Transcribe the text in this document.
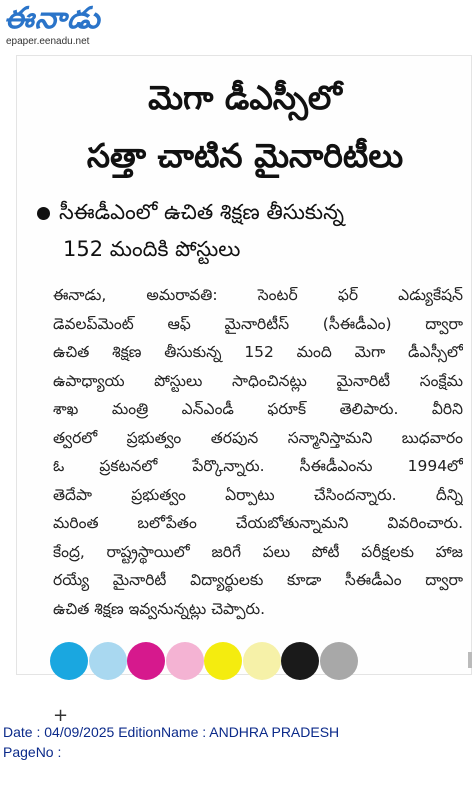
ఈనాడు
epaper.eenadu.net
మెగా డీఎస్సీలో
సత్తా చాటిన మైనారిటీలు
సీఈడీఎంలో ఉచిత శిక్షణ తీసుకున్న
152 మందికి పోస్టులు
ఈనాడు, అమరావతి: సెంటర్ ఫర్ ఎడ్యుకేషన్
డెవలప్‌మెంట్ ఆఫ్ మైనారిటీస్ (సీఈడీఎం) ద్వారా
ఉచిత శిక్షణ తీసుకున్న 152 మంది మెగా డీఎస్సీలో
ఉపాధ్యాయ పోస్టులు సాధించినట్లు మైనారిటీ సంక్షేమ
శాఖ మంత్రి ఎన్ఎండీ ఫరూక్ తెలిపారు. వీరిని
త్వరలో ప్రభుత్వం తరపున సన్మానిస్తామని బుధవారం
ఓ ప్రకటనలో పేర్కొన్నారు. సీఈడీఎంను 1994లో
తెదేపా ప్రభుత్వం ఏర్పాటు చేసిందన్నారు. దీన్ని
మరింత బలోపేతం చేయబోతున్నామని వివరించారు.
కేంద్ర, రాష్ట్రస్థాయిలో జరిగే పలు పోటీ పరీక్షలకు హాజ
రయ్యే మైనారిటీ విద్యార్థులకు కూడా సీఈడీఎం ద్వారా
ఉచిత శిక్షణ ఇవ్వనున్నట్లు చెప్పారు.
+
Date : 04/09/2025 EditionName : ANDHRA PRADESH
PageNo :
